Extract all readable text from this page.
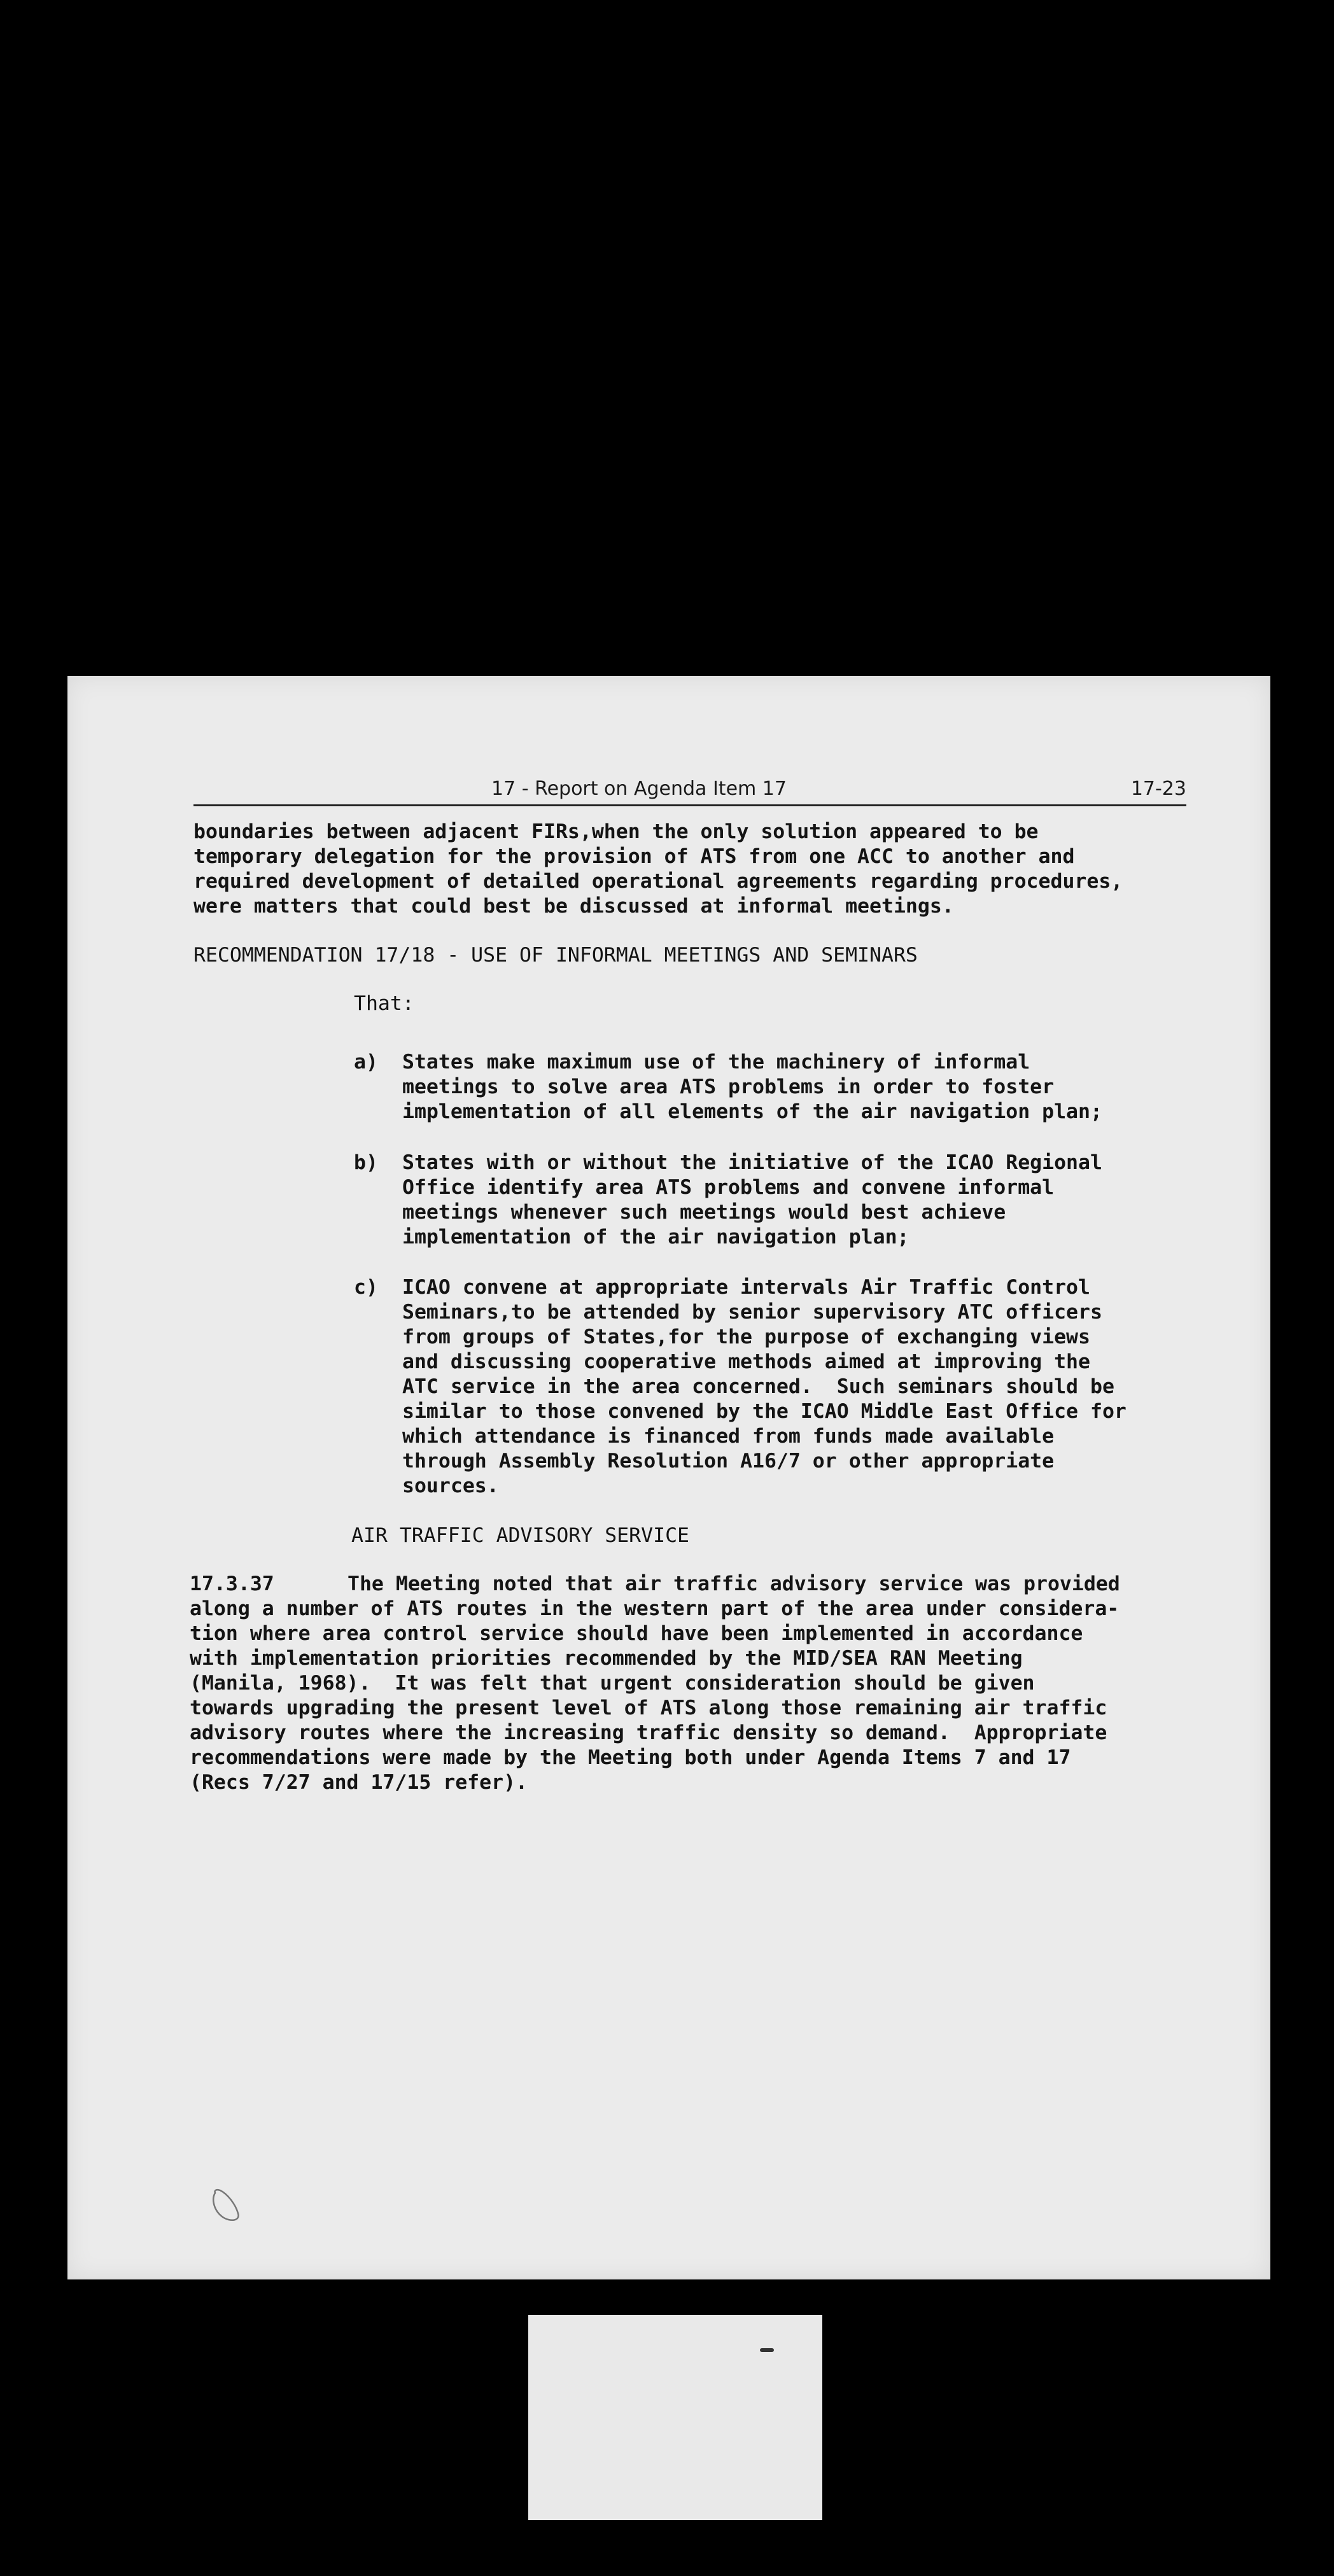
17 - Report on Agenda Item 17	17-23

boundaries between adjacent FIRs,when the only solution appeared to be

temporary delegation for the provision of ATS from one ACC to another and

required development of detailed operational agreements regarding procedures,

were matters that could best be discussed at informal meetings.

RECOMMENDATION 17/18 - USE OF INFORMAL MEETINGS AND SEMINARS

That:

a) States make maximum use of the machinery of informal

meetings to solve area ATS problems in order to foster

implementation of all elements of the air navigation plan;

b) States with or without the initiative of the ICAO Regional

Office identify area ATS problems and convene informal

meetings whenever such meetings would best achieve

implementation of the air navigation plan;

c) ICAO convene at appropriate intervals Air Traffic Control

Seminars,to be attended by senior supervisory ATC officers

from groups of States,for the purpose of exchanging views

and discussing cooperative methods aimed at improving the

ATC service in the area concerned.  Such seminars should be

similar to those convened by the ICAO Middle East Office for

which attendance is financed from funds made available

through Assembly Resolution A16/7 or other appropriate

sources.

AIR TRAFFIC ADVISORY SERVICE

17.3.37	The Meeting noted that air traffic advisory service was provided

along a number of ATS routes in the western part of the area under considera-

tion where area control service should have been implemented in accordance

with implementation priorities recommended by the MID/SEA RAN Meeting

(Manila, 1968).  It was felt that urgent consideration should be given

towards upgrading the present level of ATS along those remaining air traffic

advisory routes where the increasing traffic density so demand.  Appropriate

recommendations were made by the Meeting both under Agenda Items 7 and 17

(Recs 7/27 and 17/15 refer).
